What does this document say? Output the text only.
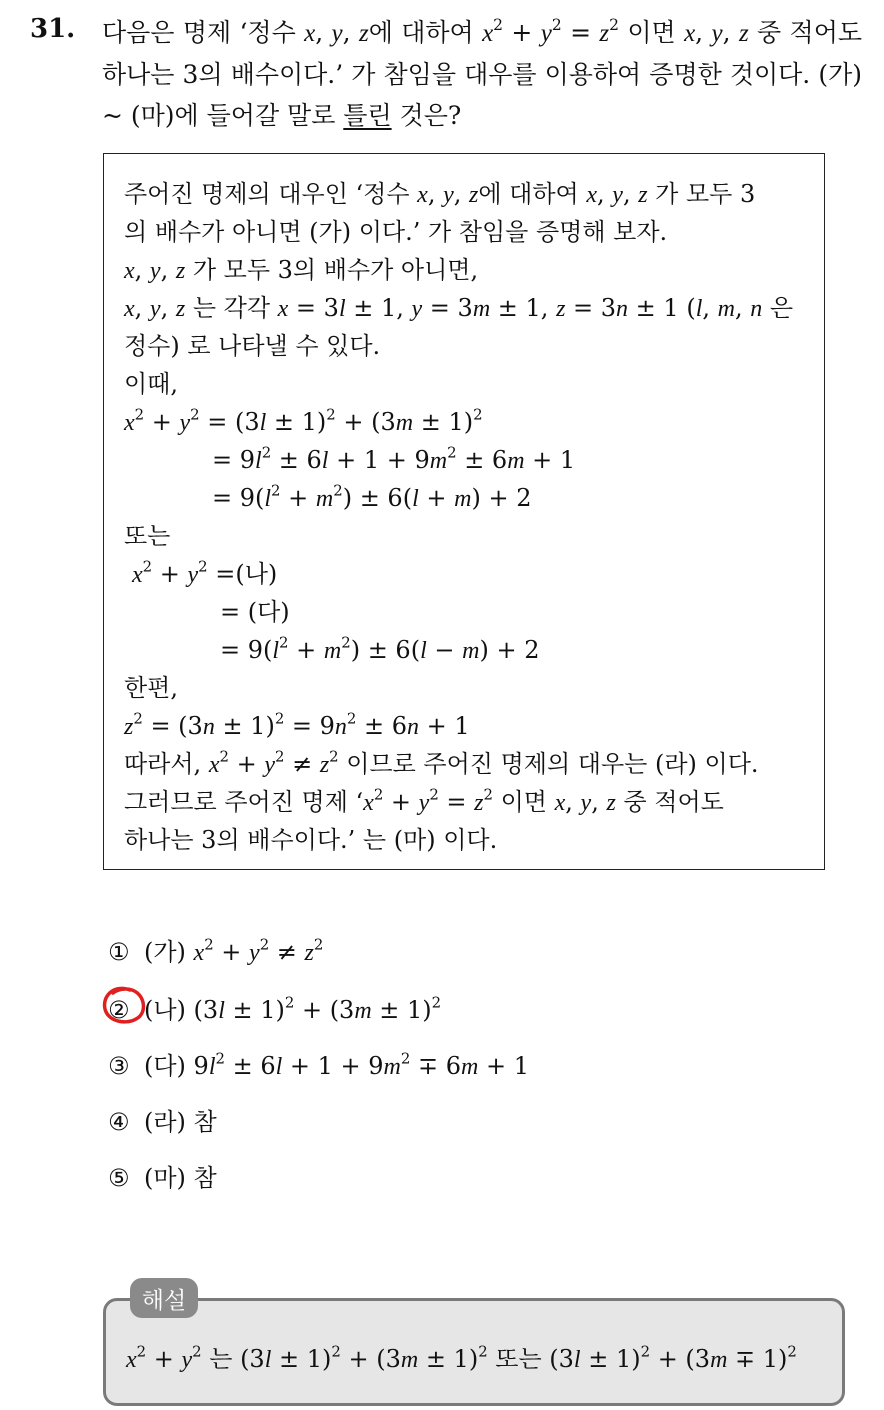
31. 다음은 명제 ‘정수 x, y, z에 대하여 $x^2 + y^2 = z^2$ 이면 x, y, z 중 적어도 하나는 3의 배수이다.’ 가 참임을 대우를 이용하여 증명한 것이다. (가) ~ (마)에 들어갈 말로 틀린 것은?
주어진 명제의 대우인 ‘정수 x, y, z에 대하여 x, y, z 가 모두 3
의 배수가 아니면 (가) 이다.’ 가 참임을 증명해 보자.
x, y, z 가 모두 3의 배수가 아니면,
x, y, z 는 각각 x = 3l ± 1, y = 3m ± 1, z = 3n ± 1 (l, m, n 은
정수) 로 나타낼 수 있다.
이때,
$x^2 + y^2 = (3l \pm 1)^2 + (3m \pm 1)^2$
= $9l^2 \pm 6l + 1 + 9m^2 \pm 6m + 1$
= $9(l^2 + m^2) \pm 6(l + m) + 2$
또는
$x^2 + y^2$ =(나)
= (다)
= $9(l^2 + m^2) \pm 6(l - m) + 2$
한편,
$z^2 = (3n \pm 1)^2 = 9n^2 \pm 6n + 1$
따라서, $x^2 + y^2 \ne z^2$ 이므로 주어진 명제의 대우는 (라) 이다.
그러므로 주어진 명제 ‘$x^2 + y^2 = z^2$ 이면 x, y, z 중 적어도
하나는 3의 배수이다.’ 는 (마) 이다.
① (가) $x^2 + y^2 \ne z^2$
② (나) $(3l \pm 1)^2 + (3m \pm 1)^2$
③ (다) $9l^2 \pm 6l + 1 + 9m^2 \mp 6m + 1$
④ (라) 참
⑤ (마) 참
해설
$x^2 + y^2$ 는 $(3l \pm 1)^2 + (3m \pm 1)^2$ 또는 $(3l \pm 1)^2 + (3m \mp 1)^2$
